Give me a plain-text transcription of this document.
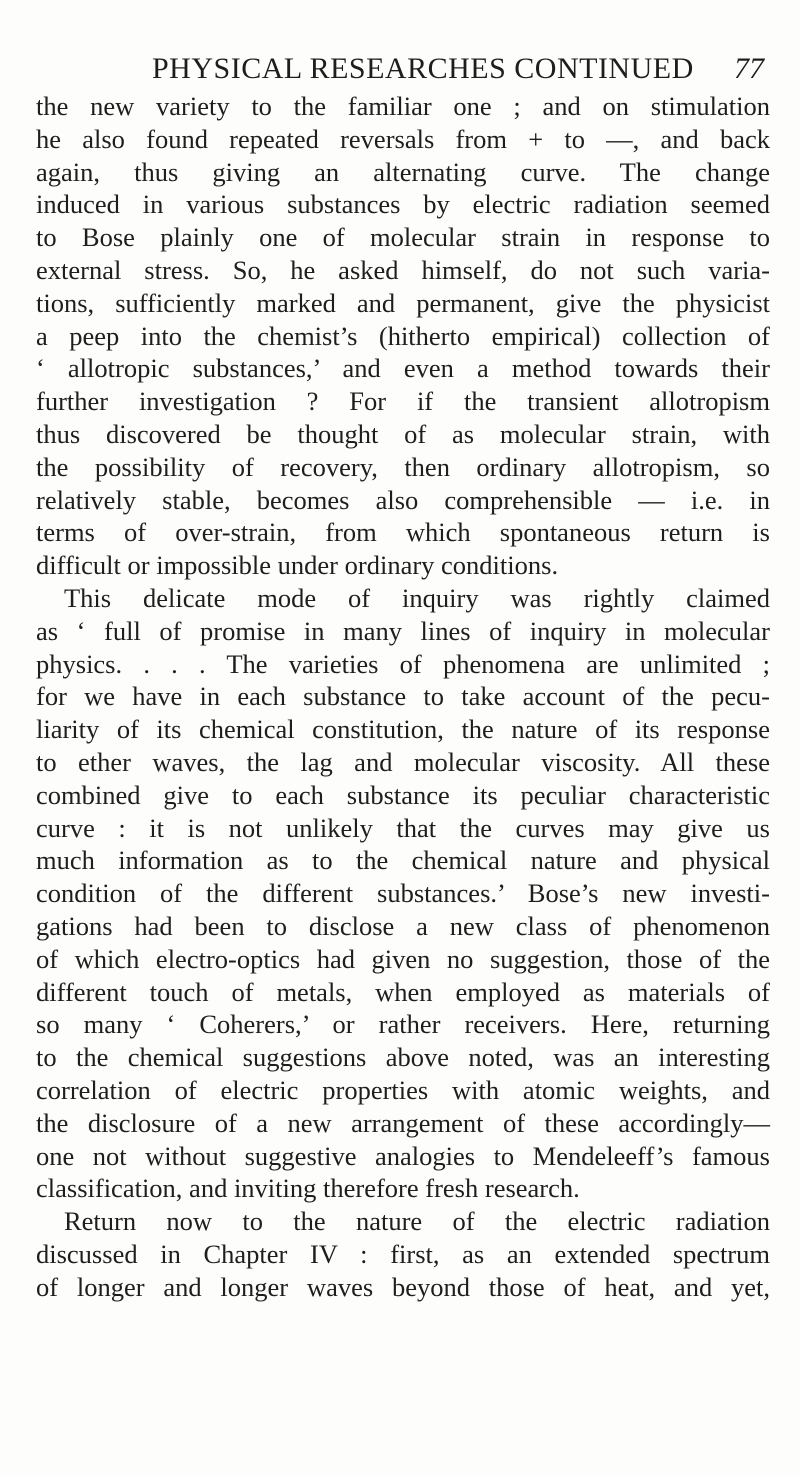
PHYSICAL RESEARCHES CONTINUED 77
the new variety to the familiar one ; and on stimulation
he also found repeated reversals from + to —, and back
again, thus giving an alternating curve. The change
induced in various substances by electric radiation seemed
to Bose plainly one of molecular strain in response to
external stress. So, he asked himself, do not such varia-
tions, sufficiently marked and permanent, give the physicist
a peep into the chemist’s (hitherto empirical) collection of
‘ allotropic substances,’ and even a method towards their
further investigation ? For if the transient allotropism
thus discovered be thought of as molecular strain, with
the possibility of recovery, then ordinary allotropism, so
relatively stable, becomes also comprehensible — i.e. in
terms of over-strain, from which spontaneous return is
difficult or impossible under ordinary conditions.
This delicate mode of inquiry was rightly claimed
as ‘ full of promise in many lines of inquiry in molecular
physics. . . . The varieties of phenomena are unlimited ;
for we have in each substance to take account of the pecu-
liarity of its chemical constitution, the nature of its response
to ether waves, the lag and molecular viscosity. All these
combined give to each substance its peculiar characteristic
curve : it is not unlikely that the curves may give us
much information as to the chemical nature and physical
condition of the different substances.’ Bose’s new investi-
gations had been to disclose a new class of phenomenon
of which electro-optics had given no suggestion, those of the
different touch of metals, when employed as materials of
so many ‘ Coherers,’ or rather receivers. Here, returning
to the chemical suggestions above noted, was an interesting
correlation of electric properties with atomic weights, and
the disclosure of a new arrangement of these accordingly—
one not without suggestive analogies to Mendeleeff’s famous
classification, and inviting therefore fresh research.
Return now to the nature of the electric radiation
discussed in Chapter IV : first, as an extended spectrum
of longer and longer waves beyond those of heat, and yet,
